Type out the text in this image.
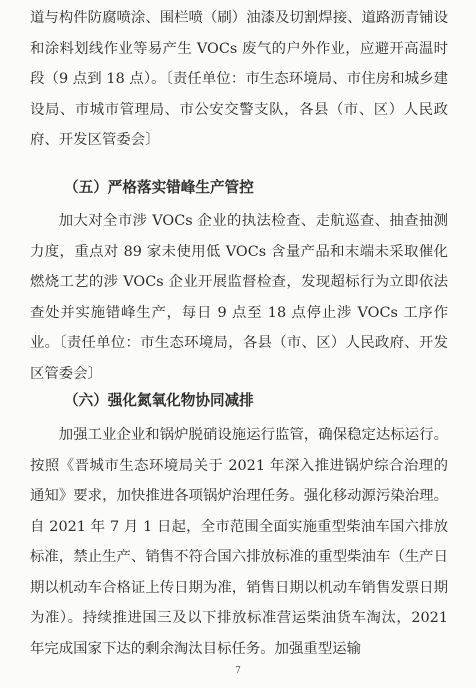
道与构件防腐喷涂、围栏喷（刷）油漆及切割焊接、道路沥青铺设和涂料划线作业等易产生 VOCs 废气的户外作业，应避开高温时段（9 点到 18 点）。〔责任单位：市生态环境局、市住房和城乡建设局、市城市管理局、市公安交警支队，各县（市、区）人民政府、开发区管委会〕

（五）严格落实错峰生产管控

加大对全市涉 VOCs 企业的执法检查、走航巡查、抽查抽测力度，重点对 89 家未使用低 VOCs 含量产品和末端未采取催化燃烧工艺的涉 VOCs 企业开展监督检查，发现超标行为立即依法查处并实施错峰生产，每日 9 点至 18 点停止涉 VOCs 工序作业。〔责任单位：市生态环境局，各县（市、区）人民政府、开发区管委会〕

（六）强化氮氧化物协同减排

加强工业企业和锅炉脱硝设施运行监管，确保稳定达标运行。按照《晋城市生态环境局关于 2021 年深入推进锅炉综合治理的通知》要求，加快推进各项锅炉治理任务。强化移动源污染治理。自 2021 年 7 月 1 日起，全市范围全面实施重型柴油车国六排放标准，禁止生产、销售不符合国六排放标准的重型柴油车（生产日期以机动车合格证上传日期为准，销售日期以机动车销售发票日期为准）。持续推进国三及以下排放标准营运柴油货车淘汰，2021 年完成国家下达的剩余淘汰目标任务。加强重型运输

7
